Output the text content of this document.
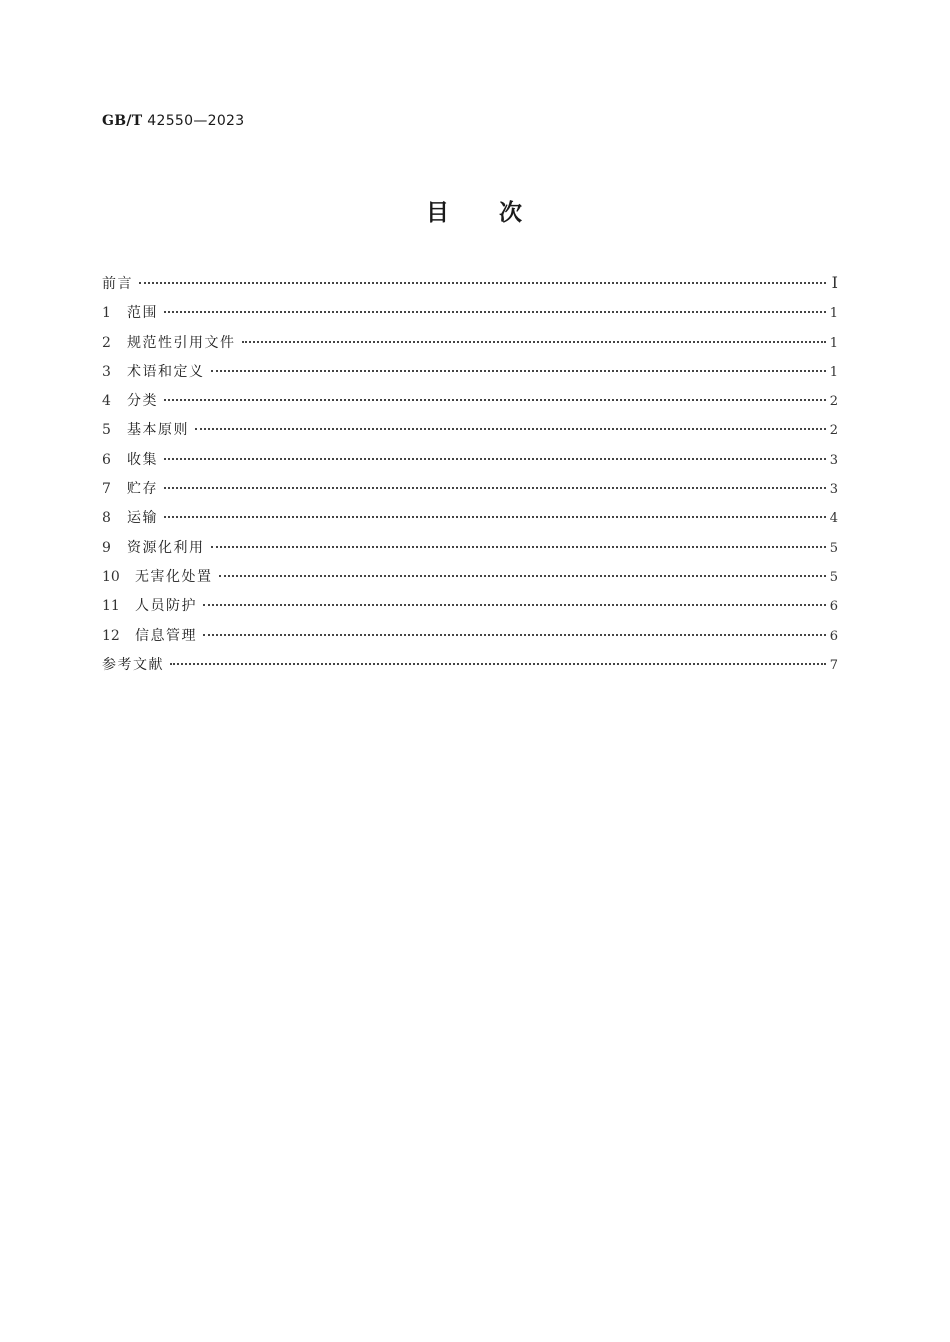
GB/T 42550—2023
目 次
前言	Ⅰ
1	范围	1
2	规范性引用文件	1
3	术语和定义	1
4	分类	2
5	基本原则	2
6	收集	3
7	贮存	3
8	运输	4
9	资源化利用	5
10	无害化处置	5
11	人员防护	6
12	信息管理	6
参考文献	7
